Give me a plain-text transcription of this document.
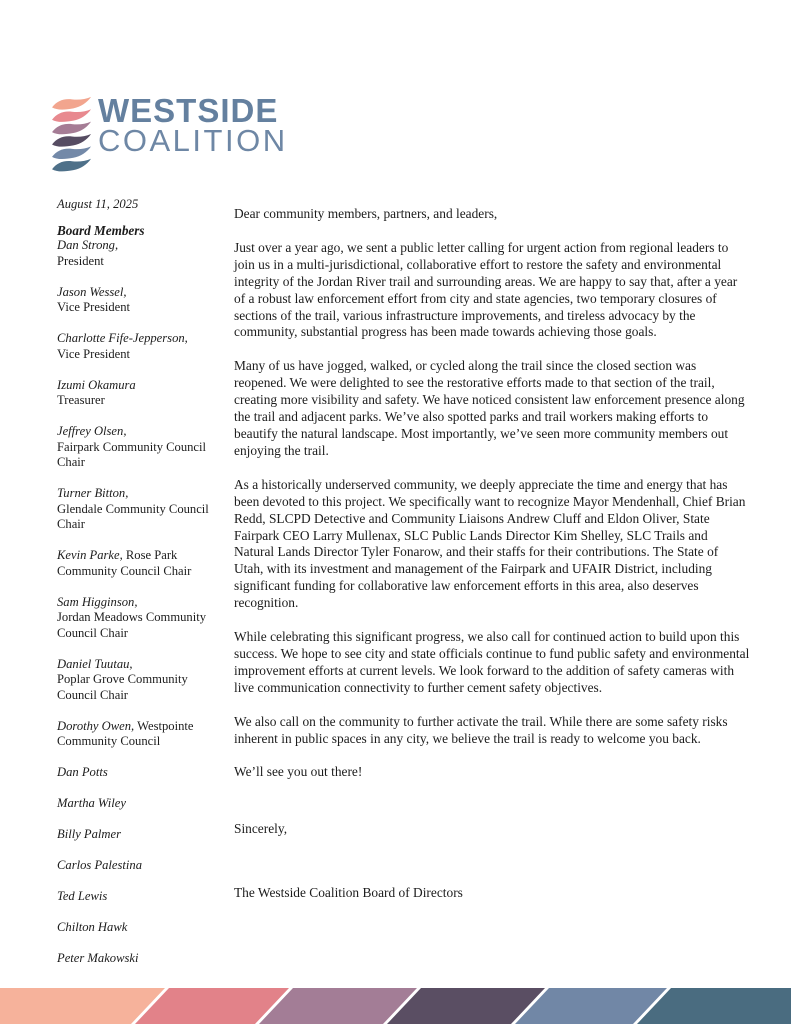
WESTSIDE
COALITION
August 11, 2025
Board Members
Dan Strong,
President
Jason Wessel,
Vice President
Charlotte Fife-Jepperson,
Vice President
Izumi Okamura
Treasurer
Jeffrey Olsen,
Fairpark Community Council Chair
Turner Bitton,
Glendale Community Council Chair
Kevin Parke, Rose Park Community Council Chair
Sam Higginson,
Jordan Meadows Community Council Chair
Daniel Tuutau,
Poplar Grove Community Council Chair
Dorothy Owen, Westpointe Community Council
Dan Potts
Martha Wiley
Billy Palmer
Carlos Palestina
Ted Lewis
Chilton Hawk
Peter Makowski

Dear community members, partners, and leaders,

Just over a year ago, we sent a public letter calling for urgent action from regional leaders to join us in a multi-jurisdictional, collaborative effort to restore the safety and environmental integrity of the Jordan River trail and surrounding areas. We are happy to say that, after a year of a robust law enforcement effort from city and state agencies, two temporary closures of sections of the trail, various infrastructure improvements, and tireless advocacy by the community, substantial progress has been made towards achieving those goals.

Many of us have jogged, walked, or cycled along the trail since the closed section was reopened. We were delighted to see the restorative efforts made to that section of the trail, creating more visibility and safety. We have noticed consistent law enforcement presence along the trail and adjacent parks. We’ve also spotted parks and trail workers making efforts to beautify the natural landscape. Most importantly, we’ve seen more community members out enjoying the trail.

As a historically underserved community, we deeply appreciate the time and energy that has been devoted to this project. We specifically want to recognize Mayor Mendenhall, Chief Brian Redd, SLCPD Detective and Community Liaisons Andrew Cluff and Eldon Oliver, State Fairpark CEO Larry Mullenax, SLC Public Lands Director Kim Shelley, SLC Trails and Natural Lands Director Tyler Fonarow, and their staffs for their contributions. The State of Utah, with its investment and management of the Fairpark and UFAIR District, including significant funding for collaborative law enforcement efforts in this area, also deserves recognition.

While celebrating this significant progress, we also call for continued action to build upon this success. We hope to see city and state officials continue to fund public safety and environmental improvement efforts at current levels. We look forward to the addition of safety cameras with live communication connectivity to further cement safety objectives.

We also call on the community to further activate the trail. While there are some safety risks inherent in public spaces in any city, we believe the trail is ready to welcome you back.

We’ll see you out there!

Sincerely,

The Westside Coalition Board of Directors
